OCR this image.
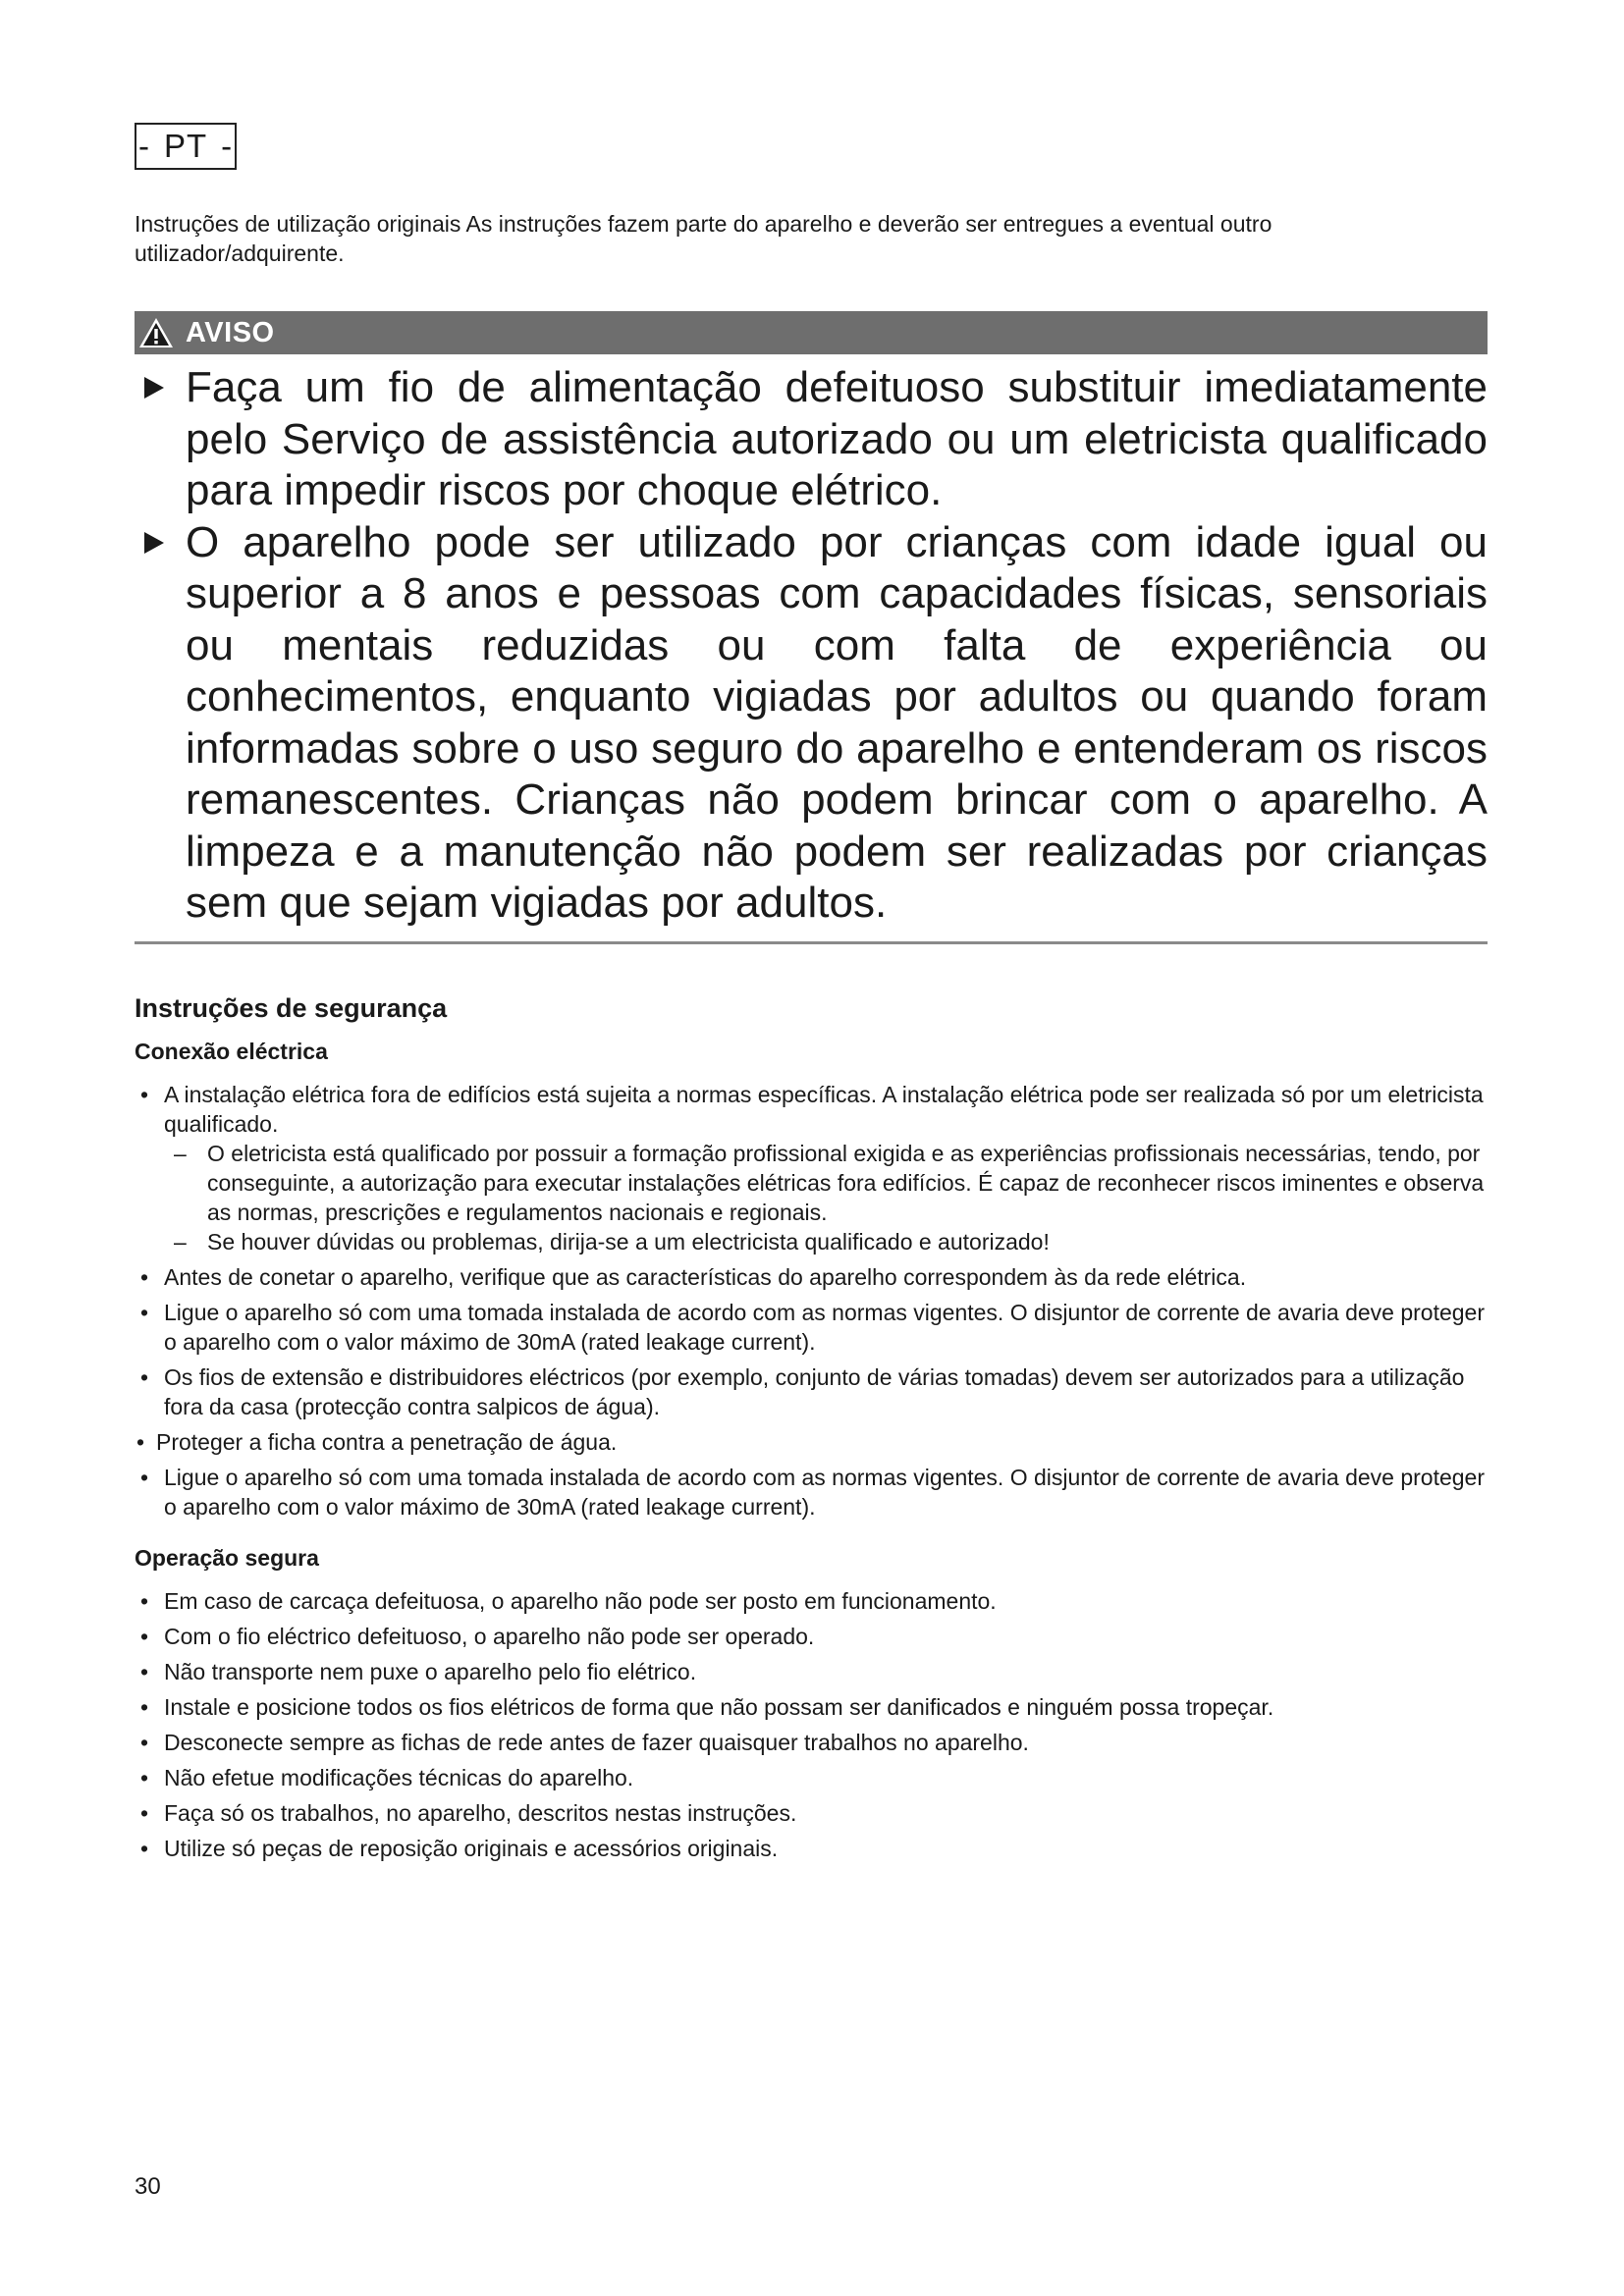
- PT -
Instruções de utilização originais As instruções fazem parte do aparelho e deverão ser entregues a eventual outro utilizador/adquirente.
AVISO
Faça um fio de alimentação defeituoso substituir imediatamente pelo Serviço de assistência autorizado ou um eletricista qualificado para impedir riscos por choque elétrico.
O aparelho pode ser utilizado por crianças com idade igual ou superior a 8 anos e pessoas com capacidades físicas, sensoriais ou mentais reduzidas ou com falta de experiência ou conhecimentos, enquanto vigiadas por adultos ou quando foram informadas sobre o uso seguro do aparelho e entenderam os riscos remanescentes. Crianças não podem brincar com o aparelho. A limpeza e a manutenção não podem ser realizadas por crianças sem que sejam vigiadas por adultos.
Instruções de segurança
Conexão eléctrica
• A instalação elétrica fora de edifícios está sujeita a normas específicas. A instalação elétrica pode ser realizada só por um eletricista qualificado.
– O eletricista está qualificado por possuir a formação profissional exigida e as experiências profissionais necessárias, tendo, por conseguinte, a autorização para executar instalações elétricas fora edifícios. É capaz de reconhecer riscos iminentes e observa as normas, prescrições e regulamentos nacionais e regionais.
– Se houver dúvidas ou problemas, dirija-se a um electricista qualificado e autorizado!
• Antes de conetar o aparelho, verifique que as características do aparelho correspondem às da rede elétrica.
• Ligue o aparelho só com uma tomada instalada de acordo com as normas vigentes. O disjuntor de corrente de avaria deve proteger o aparelho com o valor máximo de 30mA (rated leakage current).
• Os fios de extensão e distribuidores eléctricos (por exemplo, conjunto de várias tomadas) devem ser autorizados para a utilização fora da casa (protecção contra salpicos de água).
• Proteger a ficha contra a penetração de água.
• Ligue o aparelho só com uma tomada instalada de acordo com as normas vigentes. O disjuntor de corrente de avaria deve proteger o aparelho com o valor máximo de 30mA (rated leakage current).
Operação segura
• Em caso de carcaça defeituosa, o aparelho não pode ser posto em funcionamento.
• Com o fio eléctrico defeituoso, o aparelho não pode ser operado.
• Não transporte nem puxe o aparelho pelo fio elétrico.
• Instale e posicione todos os fios elétricos de forma que não possam ser danificados e ninguém possa tropeçar.
• Desconecte sempre as fichas de rede antes de fazer quaisquer trabalhos no aparelho.
• Não efetue modificações técnicas do aparelho.
• Faça só os trabalhos, no aparelho, descritos nestas instruções.
• Utilize só peças de reposição originais e acessórios originais.
30
